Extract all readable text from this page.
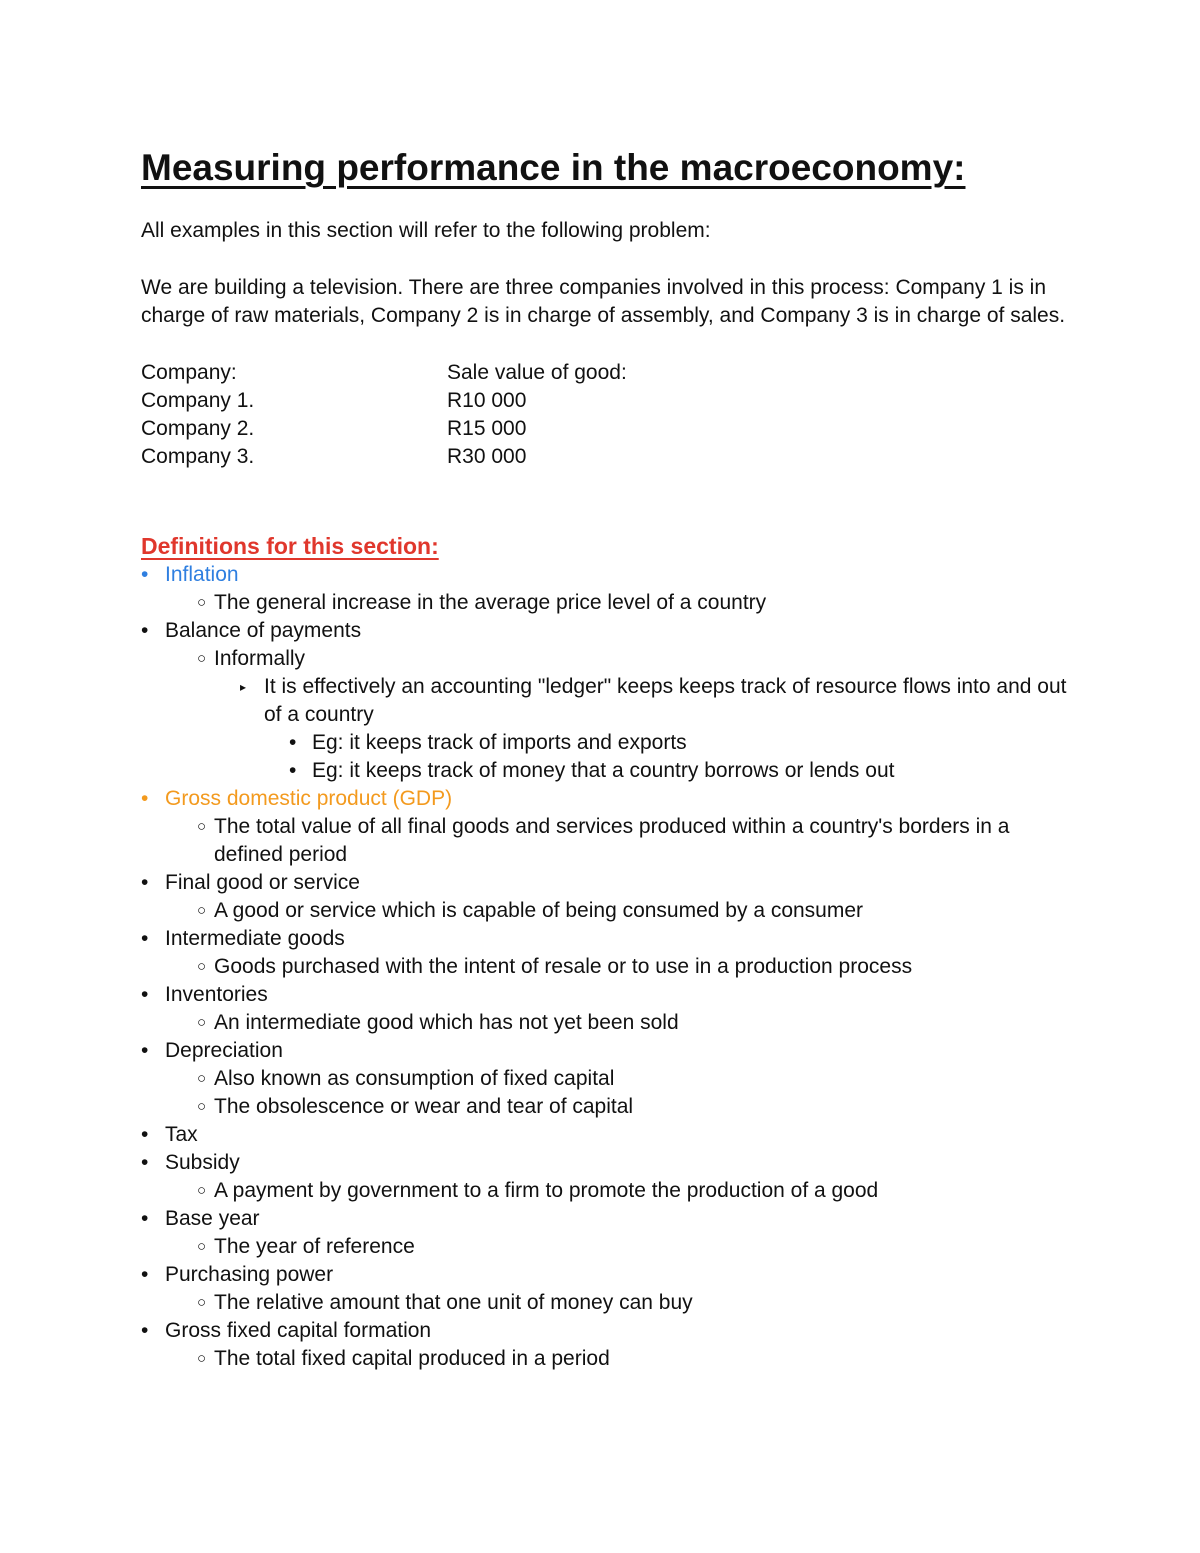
Measuring performance in the macroeconomy:

All examples in this section will refer to the following problem:

We are building a television. There are three companies involved in this process: Company 1 is in charge of raw materials, Company 2 is in charge of assembly, and Company 3 is in charge of sales.

Company:	Sale value of good:
Company 1.	R10 000
Company 2.	R15 000
Company 3.	R30 000
Definitions for this section:
• Inflation
○ The general increase in the average price level of a country
• Balance of payments
○ Informally
▸ It is effectively an accounting "ledger" keeps keeps track of resource flows into and out of a country
• Eg: it keeps track of imports and exports
• Eg: it keeps track of money that a country borrows or lends out
• Gross domestic product (GDP)
○ The total value of all final goods and services produced within a country's borders in a defined period
• Final good or service
○ A good or service which is capable of being consumed by a consumer
• Intermediate goods
○ Goods purchased with the intent of resale or to use in a production process
• Inventories
○ An intermediate good which has not yet been sold
• Depreciation
○ Also known as consumption of fixed capital
○ The obsolescence or wear and tear of capital
• Tax
• Subsidy
○ A payment by government to a firm to promote the production of a good
• Base year
○ The year of reference
• Purchasing power
○ The relative amount that one unit of money can buy
• Gross fixed capital formation
○ The total fixed capital produced in a period
